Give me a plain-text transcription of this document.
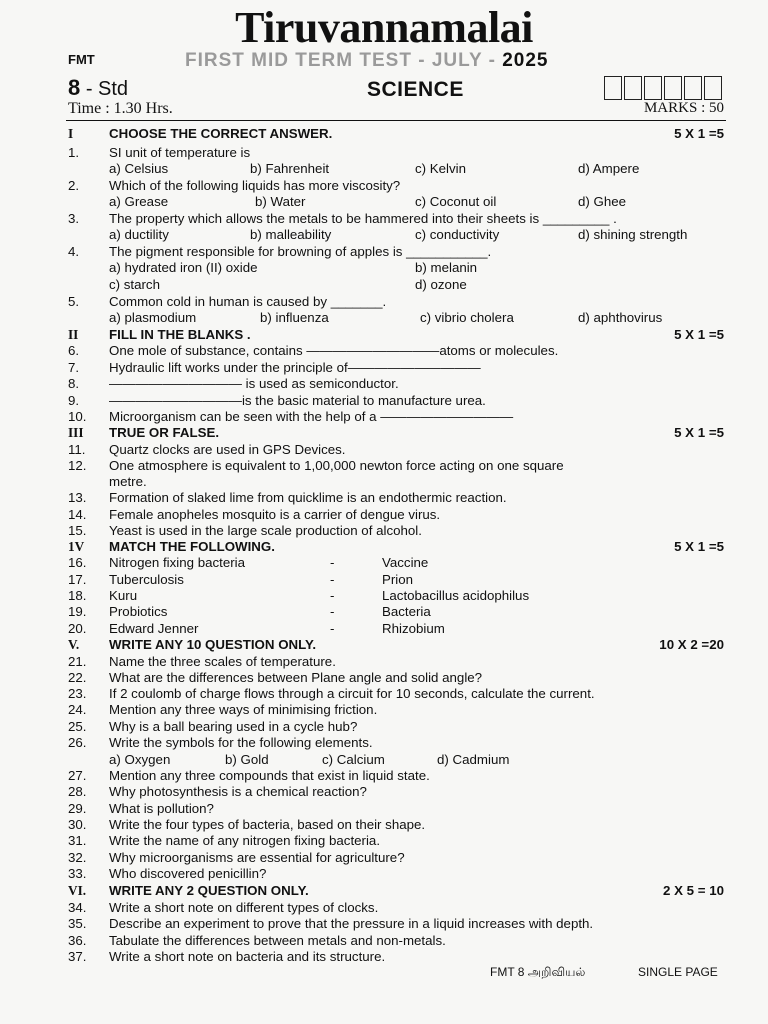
Tiruvannamalai
FMT	FIRST MID TERM TEST - JULY - 2025
8 - Std	SCIENCE
Time : 1.30 Hrs.	MARKS : 50
I	CHOOSE THE CORRECT ANSWER.	5 X 1 =5
1. SI unit of temperature is
a) Celsius	b) Fahrenheit	c) Kelvin	d) Ampere
2. Which of the following liquids has more viscosity?
a) Grease	b) Water	c) Coconut oil	d) Ghee
3. The property which allows the metals to be hammered into their sheets is _________ .
a) ductility	b) malleability	c) conductivity	d) shining strength
4. The pigment responsible for browning of apples is ___________.
a) hydrated iron (II) oxide	b) melanin
c) starch	d) ozone
5. Common cold in human is caused by _______.
a) plasmodium	b) influenza	c) vibrio cholera	d) aphthovirus
II FILL IN THE BLANKS .	5 X 1 =5
6. One mole of substance, contains ——————————atoms or molecules.
7. Hydraulic lift works under the principle of——————————
8. —————————— is used as semiconductor.
9. ——————————is the basic material to manufacture urea.
10. Microorganism can be seen with the help of a ——————————
III TRUE OR FALSE.	5 X 1 =5
11. Quartz clocks are used in GPS Devices.
12. One atmosphere is equivalent to 1,00,000 newton force acting on one square
metre.
13. Formation of slaked lime from quicklime is an endothermic reaction.
14. Female anopheles mosquito is a carrier of dengue virus.
15. Yeast is used in the large scale production of alcohol.
1V MATCH THE FOLLOWING.	5 X 1 =5
16. Nitrogen fixing bacteria	-	Vaccine
17. Tuberculosis	-	Prion
18. Kuru	-	Lactobacillus acidophilus
19. Probiotics	-	Bacteria
20. Edward Jenner	-	Rhizobium
V. WRITE ANY 10 QUESTION ONLY.	10 X 2 =20
21. Name the three scales of temperature.
22. What are the differences between Plane angle and solid angle?
23. If 2 coulomb of charge flows through a circuit for 10 seconds, calculate the current.
24. Mention any three ways of minimising friction.
25. Why is a ball bearing used in a cycle hub?
26. Write the symbols for the following elements.
a) Oxygen	b) Gold	c) Calcium	d) Cadmium
27. Mention any three compounds that exist in liquid state.
28. Why photosynthesis is a chemical reaction?
29. What is pollution?
30. Write the four types of bacteria, based on their shape.
31. Write the name of any nitrogen fixing bacteria.
32. Why microorganisms are essential for agriculture?
33. Who discovered penicillin?
VI. WRITE ANY 2 QUESTION ONLY.	2 X 5 = 10
34. Write a short note on different types of clocks.
35. Describe an experiment to prove that the pressure in a liquid increases with depth.
36. Tabulate the differences between metals and non-metals.
37. Write a short note on bacteria and its structure.
FMT 8 அறிவியல்	SINGLE PAGE
